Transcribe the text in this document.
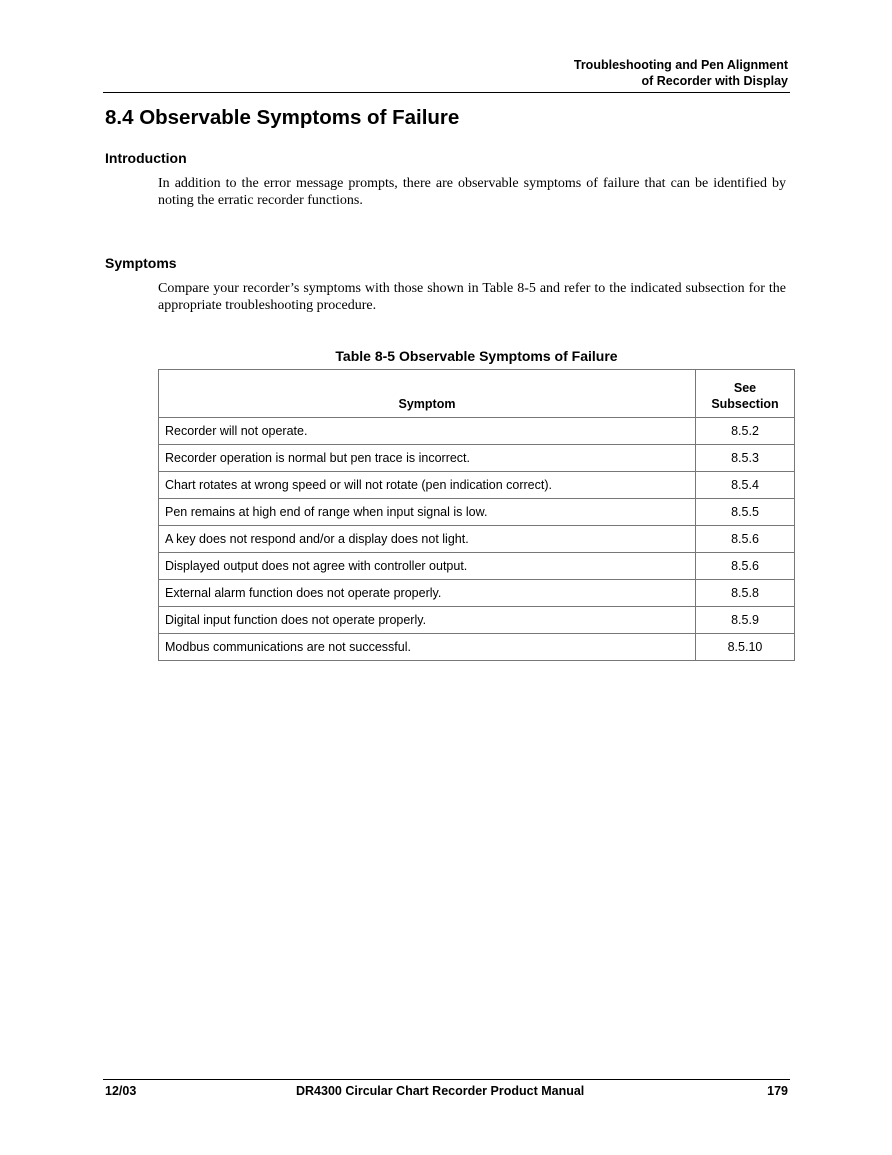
Troubleshooting and Pen Alignment
of Recorder with Display
8.4 Observable Symptoms of Failure
Introduction

In addition to the error message prompts, there are observable symptoms of failure that can be identified by noting the erratic recorder functions.

Symptoms

Compare your recorder’s symptoms with those shown in Table 8-5 and refer to the indicated subsection for the appropriate troubleshooting procedure.

Table 8-5 Observable Symptoms of Failure
Symptom	See
Subsection
Recorder will not operate.	8.5.2
Recorder operation is normal but pen trace is incorrect.	8.5.3
Chart rotates at wrong speed or will not rotate (pen indication correct).	8.5.4
Pen remains at high end of range when input signal is low.	8.5.5
A key does not respond and/or a display does not light.	8.5.6
Displayed output does not agree with controller output.	8.5.6
External alarm function does not operate properly.	8.5.8
Digital input function does not operate properly.	8.5.9
Modbus communications are not successful.	8.5.10
12/03	DR4300 Circular Chart Recorder Product Manual	179
